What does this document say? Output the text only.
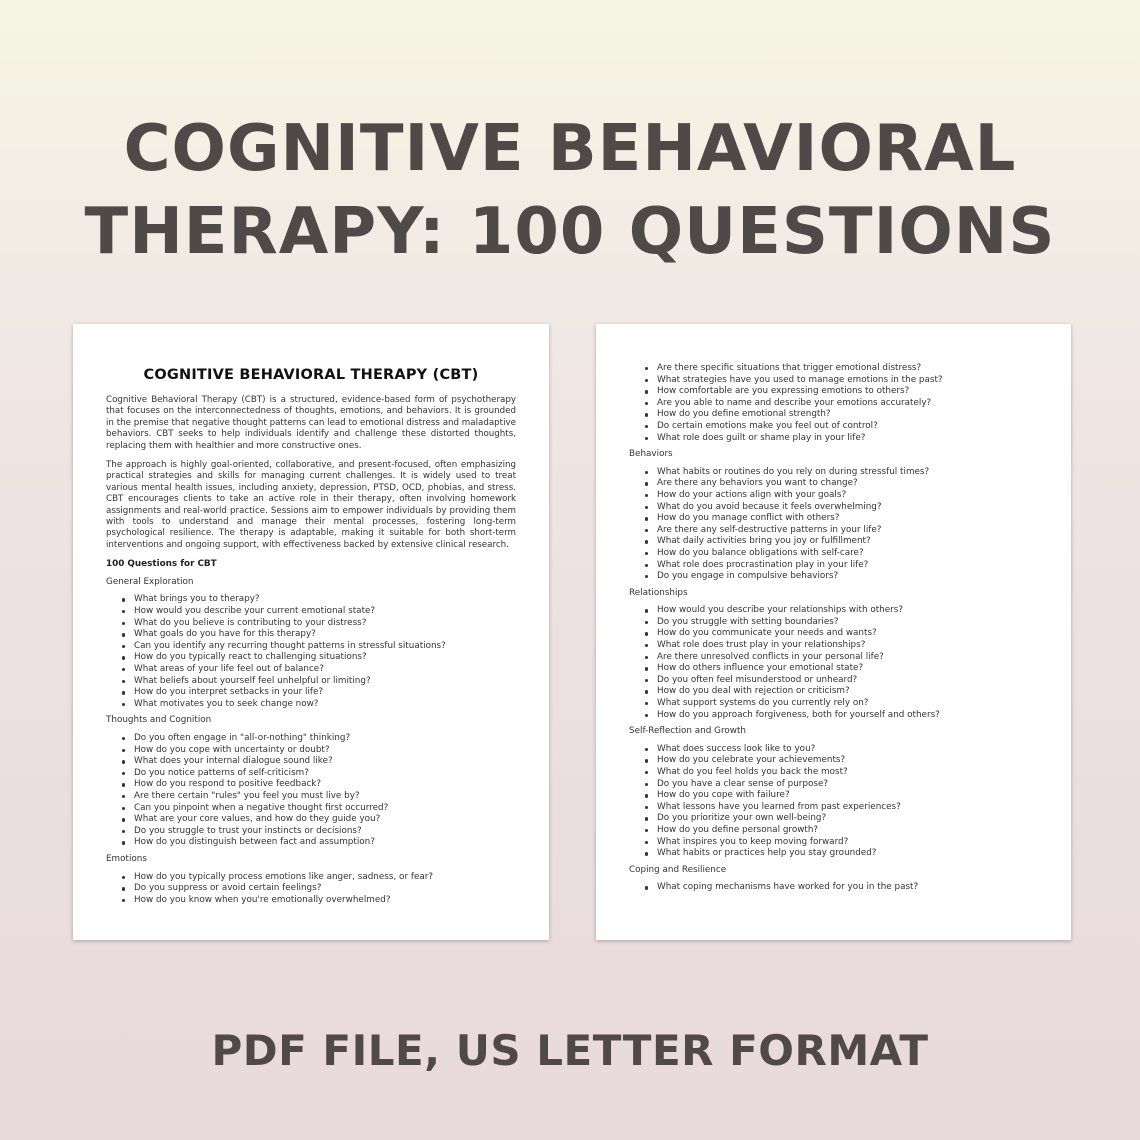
COGNITIVE BEHAVIORAL
THERAPY: 100 QUESTIONS
COGNITIVE BEHAVIORAL THERAPY (CBT)

Cognitive Behavioral Therapy (CBT) is a structured, evidence-based form of psychotherapy that focuses on the interconnectedness of thoughts, emotions, and behaviors. It is grounded in the premise that negative thought patterns can lead to emotional distress and maladaptive behaviors. CBT seeks to help individuals identify and challenge these distorted thoughts, replacing them with healthier and more constructive ones.

The approach is highly goal-oriented, collaborative, and present-focused, often emphasizing practical strategies and skills for managing current challenges. It is widely used to treat various mental health issues, including anxiety, depression, PTSD, OCD, phobias, and stress. CBT encourages clients to take an active role in their therapy, often involving homework assignments and real-world practice. Sessions aim to empower individuals by providing them with tools to understand and manage their mental processes, fostering long-term psychological resilience. The therapy is adaptable, making it suitable for both short-term interventions and ongoing support, with effectiveness backed by extensive clinical research.

100 Questions for CBT
General Exploration
What brings you to therapy?
How would you describe your current emotional state?
What do you believe is contributing to your distress?
What goals do you have for this therapy?
Can you identify any recurring thought patterns in stressful situations?
How do you typically react to challenging situations?
What areas of your life feel out of balance?
What beliefs about yourself feel unhelpful or limiting?
How do you interpret setbacks in your life?
What motivates you to seek change now?
Thoughts and Cognition
Do you often engage in "all-or-nothing" thinking?
How do you cope with uncertainty or doubt?
What does your internal dialogue sound like?
Do you notice patterns of self-criticism?
How do you respond to positive feedback?
Are there certain "rules" you feel you must live by?
Can you pinpoint when a negative thought first occurred?
What are your core values, and how do they guide you?
Do you struggle to trust your instincts or decisions?
How do you distinguish between fact and assumption?
Emotions
How do you typically process emotions like anger, sadness, or fear?
Do you suppress or avoid certain feelings?
How do you know when you're emotionally overwhelmed?
Are there specific situations that trigger emotional distress?
What strategies have you used to manage emotions in the past?
How comfortable are you expressing emotions to others?
Are you able to name and describe your emotions accurately?
How do you define emotional strength?
Do certain emotions make you feel out of control?
What role does guilt or shame play in your life?
Behaviors
What habits or routines do you rely on during stressful times?
Are there any behaviors you want to change?
How do your actions align with your goals?
What do you avoid because it feels overwhelming?
How do you manage conflict with others?
Are there any self-destructive patterns in your life?
What daily activities bring you joy or fulfillment?
How do you balance obligations with self-care?
What role does procrastination play in your life?
Do you engage in compulsive behaviors?
Relationships
How would you describe your relationships with others?
Do you struggle with setting boundaries?
How do you communicate your needs and wants?
What role does trust play in your relationships?
Are there unresolved conflicts in your personal life?
How do others influence your emotional state?
Do you often feel misunderstood or unheard?
How do you deal with rejection or criticism?
What support systems do you currently rely on?
How do you approach forgiveness, both for yourself and others?
Self-Reflection and Growth
What does success look like to you?
How do you celebrate your achievements?
What do you feel holds you back the most?
Do you have a clear sense of purpose?
How do you cope with failure?
What lessons have you learned from past experiences?
Do you prioritize your own well-being?
How do you define personal growth?
What inspires you to keep moving forward?
What habits or practices help you stay grounded?
Coping and Resilience
What coping mechanisms have worked for you in the past?
PDF FILE, US LETTER FORMAT
